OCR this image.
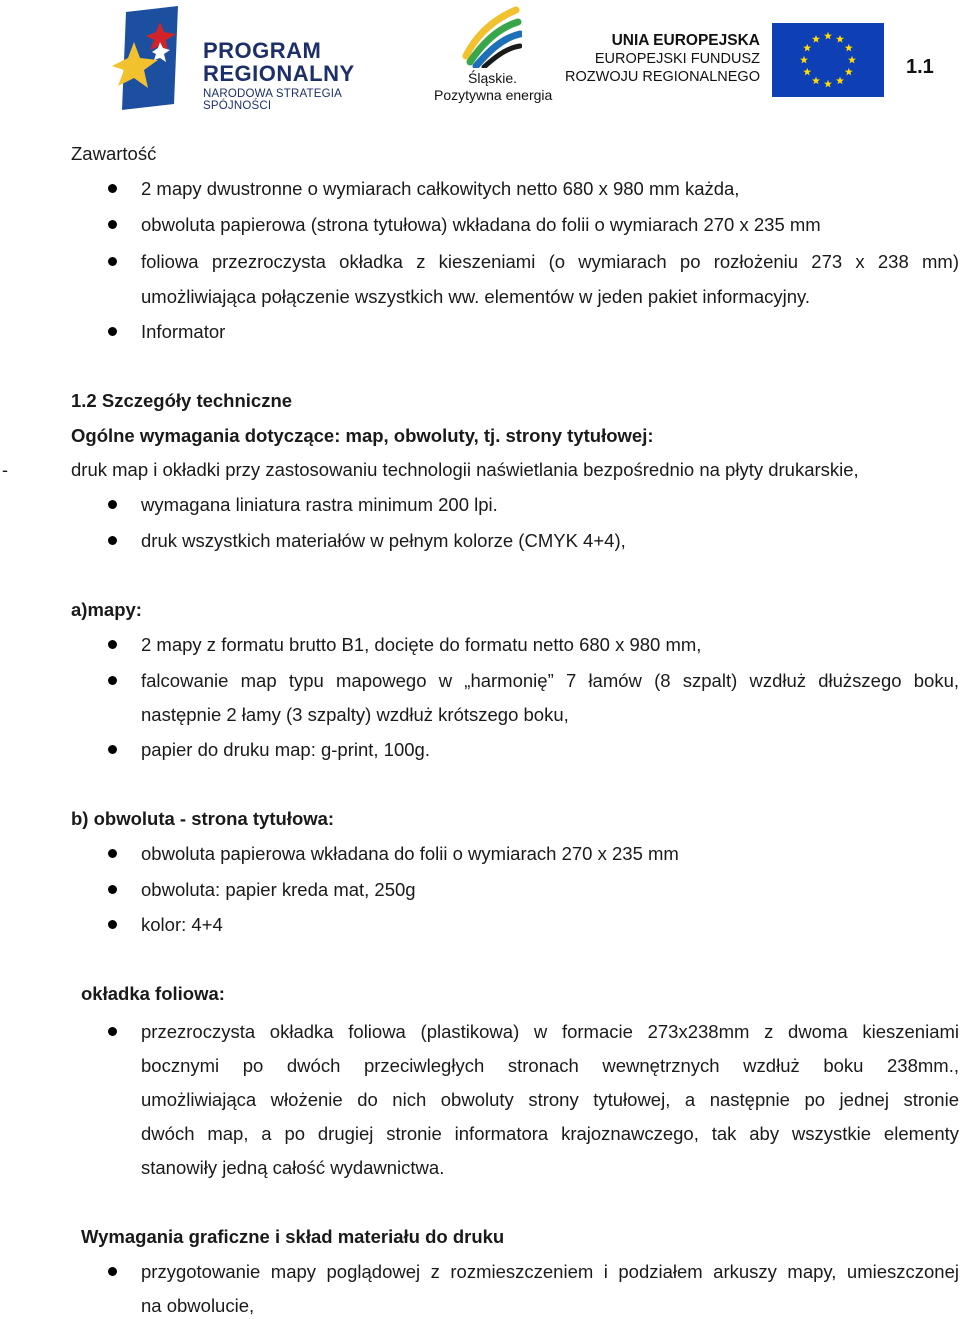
PROGRAM
REGIONALNY
NARODOWA STRATEGIA SPÓJNOŚCI
Śląskie.
Pozytywna energia
UNIA EUROPEJSKA
EUROPEJSKI FUNDUSZ
ROZWOJU REGIONALNEGO	1.1
Zawartość
2 mapy dwustronne o wymiarach całkowitych netto 680 x 980 mm każda,
obwoluta papierowa (strona tytułowa) wkładana do folii o wymiarach 270 x 235 mm
foliowa przezroczysta okładka z kieszeniami (o wymiarach po rozłożeniu 273 x 238 mm)
umożliwiająca połączenie wszystkich ww. elementów w jeden pakiet informacyjny.
Informator
1.2 Szczegóły techniczne
Ogólne wymagania dotyczące: map, obwoluty, tj. strony tytułowej:
-	druk map i okładki przy zastosowaniu technologii naświetlania bezpośrednio na płyty drukarskie,
wymagana liniatura rastra minimum 200 lpi.
druk wszystkich materiałów w pełnym kolorze (CMYK 4+4),
a)mapy:
2 mapy z formatu brutto B1, docięte do formatu netto 680 x 980 mm,
falcowanie map typu mapowego w „harmonię” 7 łamów (8 szpalt) wzdłuż dłuższego boku,
następnie 2 łamy (3 szpalty) wzdłuż krótszego boku,
papier do druku map: g-print, 100g.
b) obwoluta - strona tytułowa:
obwoluta papierowa wkładana do folii o wymiarach 270 x 235 mm
obwoluta: papier kreda mat, 250g
kolor: 4+4
okładka foliowa:
przezroczysta okładka foliowa (plastikowa) w formacie 273x238mm z dwoma kieszeniami
bocznymi po dwóch przeciwległych stronach wewnętrznych wzdłuż boku 238mm.,
umożliwiająca włożenie do nich obwoluty strony tytułowej, a następnie po jednej stronie
dwóch map, a po drugiej stronie informatora krajoznawczego, tak aby wszystkie elementy
stanowiły jedną całość wydawnictwa.
Wymagania graficzne i skład materiału do druku
przygotowanie mapy poglądowej z rozmieszczeniem i podziałem arkuszy mapy, umieszczonej
na obwolucie,
